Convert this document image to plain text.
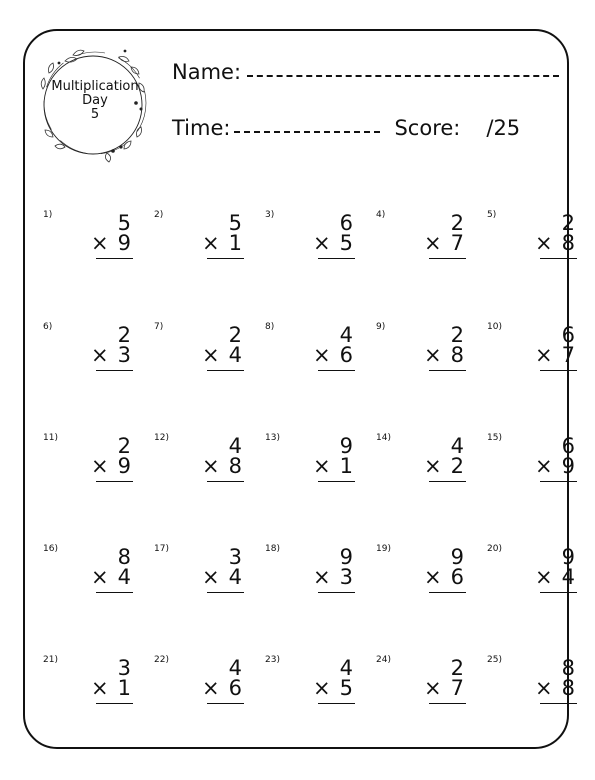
Multiplication
Day
5
Name:
Time:	Score: /25
1)	5
× 9
2)	5
× 1
3)	6
× 5
4)	2
× 7
5)	2
× 8
6)	2
× 3
7)	2
× 4
8)	4
× 6
9)	2
× 8
10)	6
× 7
11)	2
× 9
12)	4
× 8
13)	9
× 1
14)	4
× 2
15)	6
× 9
16)	8
× 4
17)	3
× 4
18)	9
× 3
19)	9
× 6
20)	9
× 4
21)	3
× 1
22)	4
× 6
23)	4
× 5
24)	2
× 7
25)	8
× 8
